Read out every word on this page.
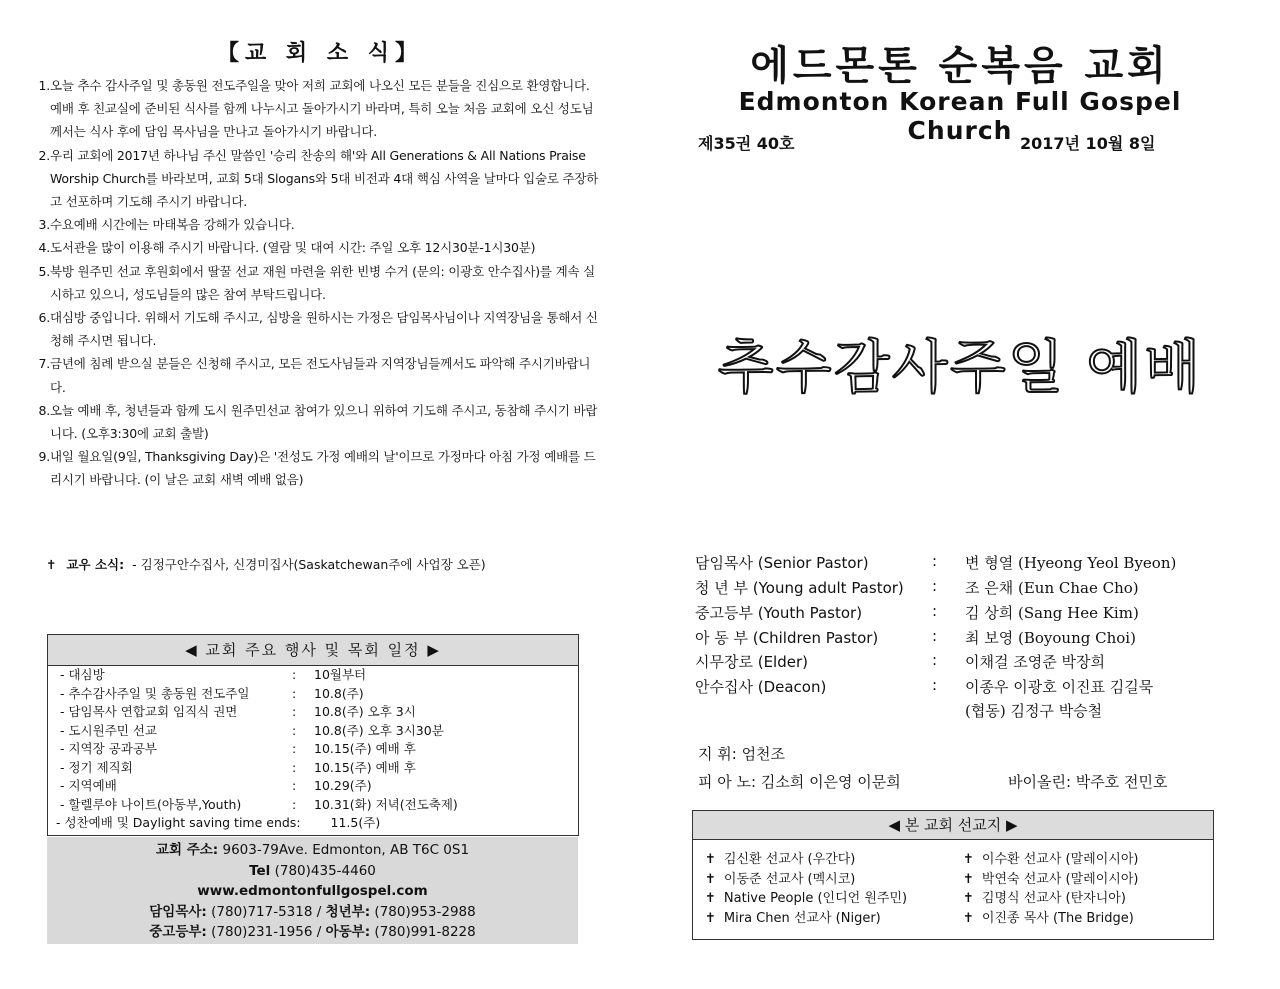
【교 회 소 식】
1. 오늘 추수 감사주일 및 총동원 전도주일을 맞아 저희 교회에 나오신 모든 분들을 진심으로 환영합니다. 예배 후 친교실에 준비된 식사를 함께 나누시고 돌아가시기 바라며, 특히 오늘 처음 교회에 오신 성도님께서는 식사 후에 담임 목사님을 만나고 돌아가시기 바랍니다.
2. 우리 교회에 2017년 하나님 주신 말씀인 '승리 찬송의 해'와 All Generations & All Nations Praise Worship Church를 바라보며, 교회 5대 Slogans와 5대 비전과 4대 핵심 사역을 날마다 입술로 주장하고 선포하며 기도해 주시기 바랍니다.
3. 수요예배 시간에는 마태복음 강해가 있습니다.
4. 도서관을 많이 이용해 주시기 바랍니다. (열람 및 대여 시간: 주일 오후 12시30분-1시30분)
5. 북방 원주민 선교 후원회에서 딸꿀 선교 재원 마련을 위한 빈병 수거 (문의: 이광호 안수집사)를 계속 실시하고 있으니, 성도님들의 많은 참여 부탁드립니다.
6. 대심방 중입니다. 위해서 기도해 주시고, 심방을 원하시는 가정은 담임목사님이나 지역장님을 통해서 신청해 주시면 됩니다.
7. 금년에 침례 받으실 분들은 신청해 주시고, 모든 전도사님들과 지역장님들께서도 파악해 주시기바랍니다.
8. 오늘 예배 후, 청년들과 함께 도시 원주민선교 참여가 있으니 위하여 기도해 주시고, 동참해 주시기 바랍니다. (오후3:30에 교회 출발)
9. 내일 월요일(9일, Thanksgiving Day)은 '전성도 가정 예배의 날'이므로 가정마다 아침 가정 예배를 드리시기 바랍니다. (이 날은 교회 새벽 예배 없음)
✝ 교우 소식: - 김정구안수집사, 신경미집사(Saskatchewan주에 사업장 오픈)
◀ 교회 주요 행사 및 목회 일정 ▶
- 대심방	:	10월부터
- 추수감사주일 및 총동원 전도주일	:	10.8(주)
- 담임목사 연합교회 임직식 권면	:	10.8(주) 오후 3시
- 도시원주민 선교	:	10.8(주) 오후 3시30분
- 지역장 공과공부	:	10.15(주) 예배 후
- 정기 제직회	:	10.15(주) 예배 후
- 지역예배	:	10.29(주)
- 할렐루야 나이트(아동부,Youth)	:	10.31(화) 저녁(전도축제)
- 성찬예배 및 Daylight saving time ends: 11.5(주)
교회 주소: 9603-79Ave. Edmonton, AB T6C 0S1
Tel (780)435-4460
www.edmontonfullgospel.com
담임목사: (780)717-5318 / 청년부: (780)953-2988
중고등부: (780)231-1956 / 아동부: (780)991-8228
에드몬톤 순복음 교회
Edmonton Korean Full Gospel Church
제35권 40호	2017년 10월 8일
추수감사주일 예배
담임목사 (Senior Pastor)	: 변 형열 (Hyeong Yeol Byeon)
청 년 부 (Young adult Pastor) : 조 은채 (Eun Chae Cho)
중고등부 (Youth Pastor)	: 김 상희 (Sang Hee Kim)
아 동 부 (Children Pastor)	: 최 보영 (Boyoung Choi)
시무장로 (Elder)	: 이채걸 조영준 박장희
안수집사 (Deacon)	: 이종우 이광호 이진표 김길묵
(협동) 김정구 박승철
지 휘: 엄천조
피 아 노: 김소희 이은영 이문희	바이올린: 박주호 전민호
◀ 본 교회 선교지 ▶
✝ 김신환 선교사 (우간다)	✝ 이수환 선교사 (말레이시아)
✝ 이동준 선교사 (멕시코)	✝ 박연숙 선교사 (말레이시아)
✝ Native People (인디언 원주민)	✝ 김명식 선교사 (탄자니아)
✝ Mira Chen 선교사 (Niger)	✝ 이진종 목사 (The Bridge)
